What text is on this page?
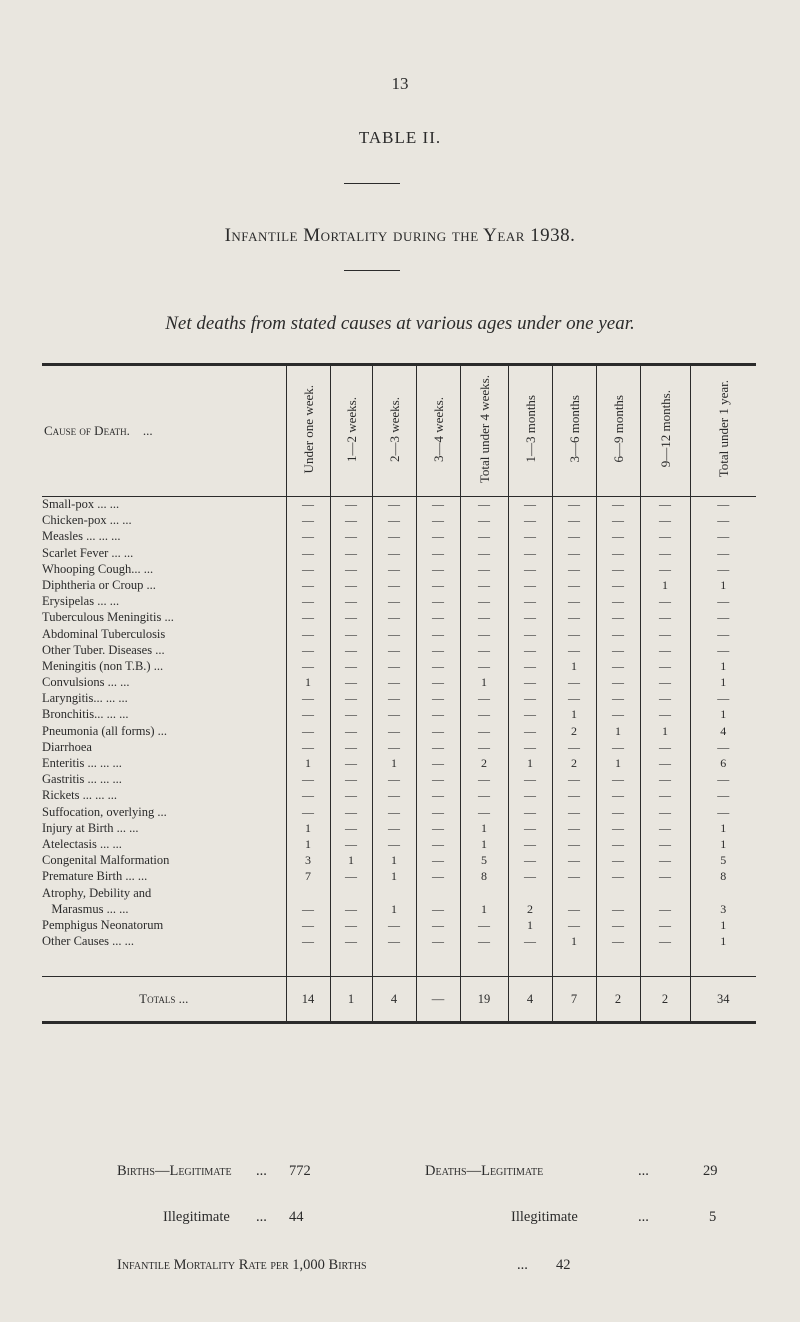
13
TABLE II.
Infantile Mortality during the Year 1938.
Net deaths from stated causes at various ages under one year.
Cause of Death.    ...	Under one week.	1—2 weeks.	2—3 weeks.	3—4 weeks.	Total under 4 weeks.	1—3 months	3—6 months	6—9 months	9—12 months.	Total under 1 year.
Small-pox ... ...	—	—	—	—	—	—	—	—	—	—
Chicken-pox ... ...	—	—	—	—	—	—	—	—	—	—
Measles ... ... ...	—	—	—	—	—	—	—	—	—	—
Scarlet Fever ... ...	—	—	—	—	—	—	—	—	—	—
Whooping Cough... ...	—	—	—	—	—	—	—	—	—	—
Diphtheria or Croup ...	—	—	—	—	—	—	—	—	1	1
Erysipelas ... ...	—	—	—	—	—	—	—	—	—	—
Tuberculous Meningitis ...	—	—	—	—	—	—	—	—	—	—
Abdominal Tuberculosis	—	—	—	—	—	—	—	—	—	—
Other Tuber. Diseases ...	—	—	—	—	—	—	—	—	—	—
Meningitis (non T.B.) ...	—	—	—	—	—	—	1	—	—	1
Convulsions ... ...	1	—	—	—	1	—	—	—	—	1
Laryngitis... ... ...	—	—	—	—	—	—	—	—	—	—
Bronchitis... ... ...	—	—	—	—	—	—	1	—	—	1
Pneumonia (all forms) ...	—	—	—	—	—	—	2	1	1	4
Diarrhoea	—	—	—	—	—	—	—	—	—	—
Enteritis ... ... ...	1	—	1	—	2	1	2	1	—	6
Gastritis ... ... ...	—	—	—	—	—	—	—	—	—	—
Rickets ... ... ...	—	—	—	—	—	—	—	—	—	—
Suffocation, overlying ...	—	—	—	—	—	—	—	—	—	—
Injury at Birth ... ...	1	—	—	—	1	—	—	—	—	1
Atelectasis ... ...	1	—	—	—	1	—	—	—	—	1
Congenital Malformation	3	1	1	—	5	—	—	—	—	5
Premature Birth ... ...	7	—	1	—	8	—	—	—	—	8
Atrophy, Debility and										
Marasmus ... ...	—	—	1	—	1	2	—	—	—	3
Pemphigus Neonatorum	—	—	—	—	—	1	—	—	—	1
Other Causes ... ...	—	—	—	—	—	—	1	—	—	1

Totals ...	14	1	4	—	19	4	7	2	2	34
Births—Legitimate ... 772	Deaths—Legitimate	...	29
Illegitimate ... 44	Illegitimate	...	5
Infantile Mortality Rate per 1,000 Births	... 42
